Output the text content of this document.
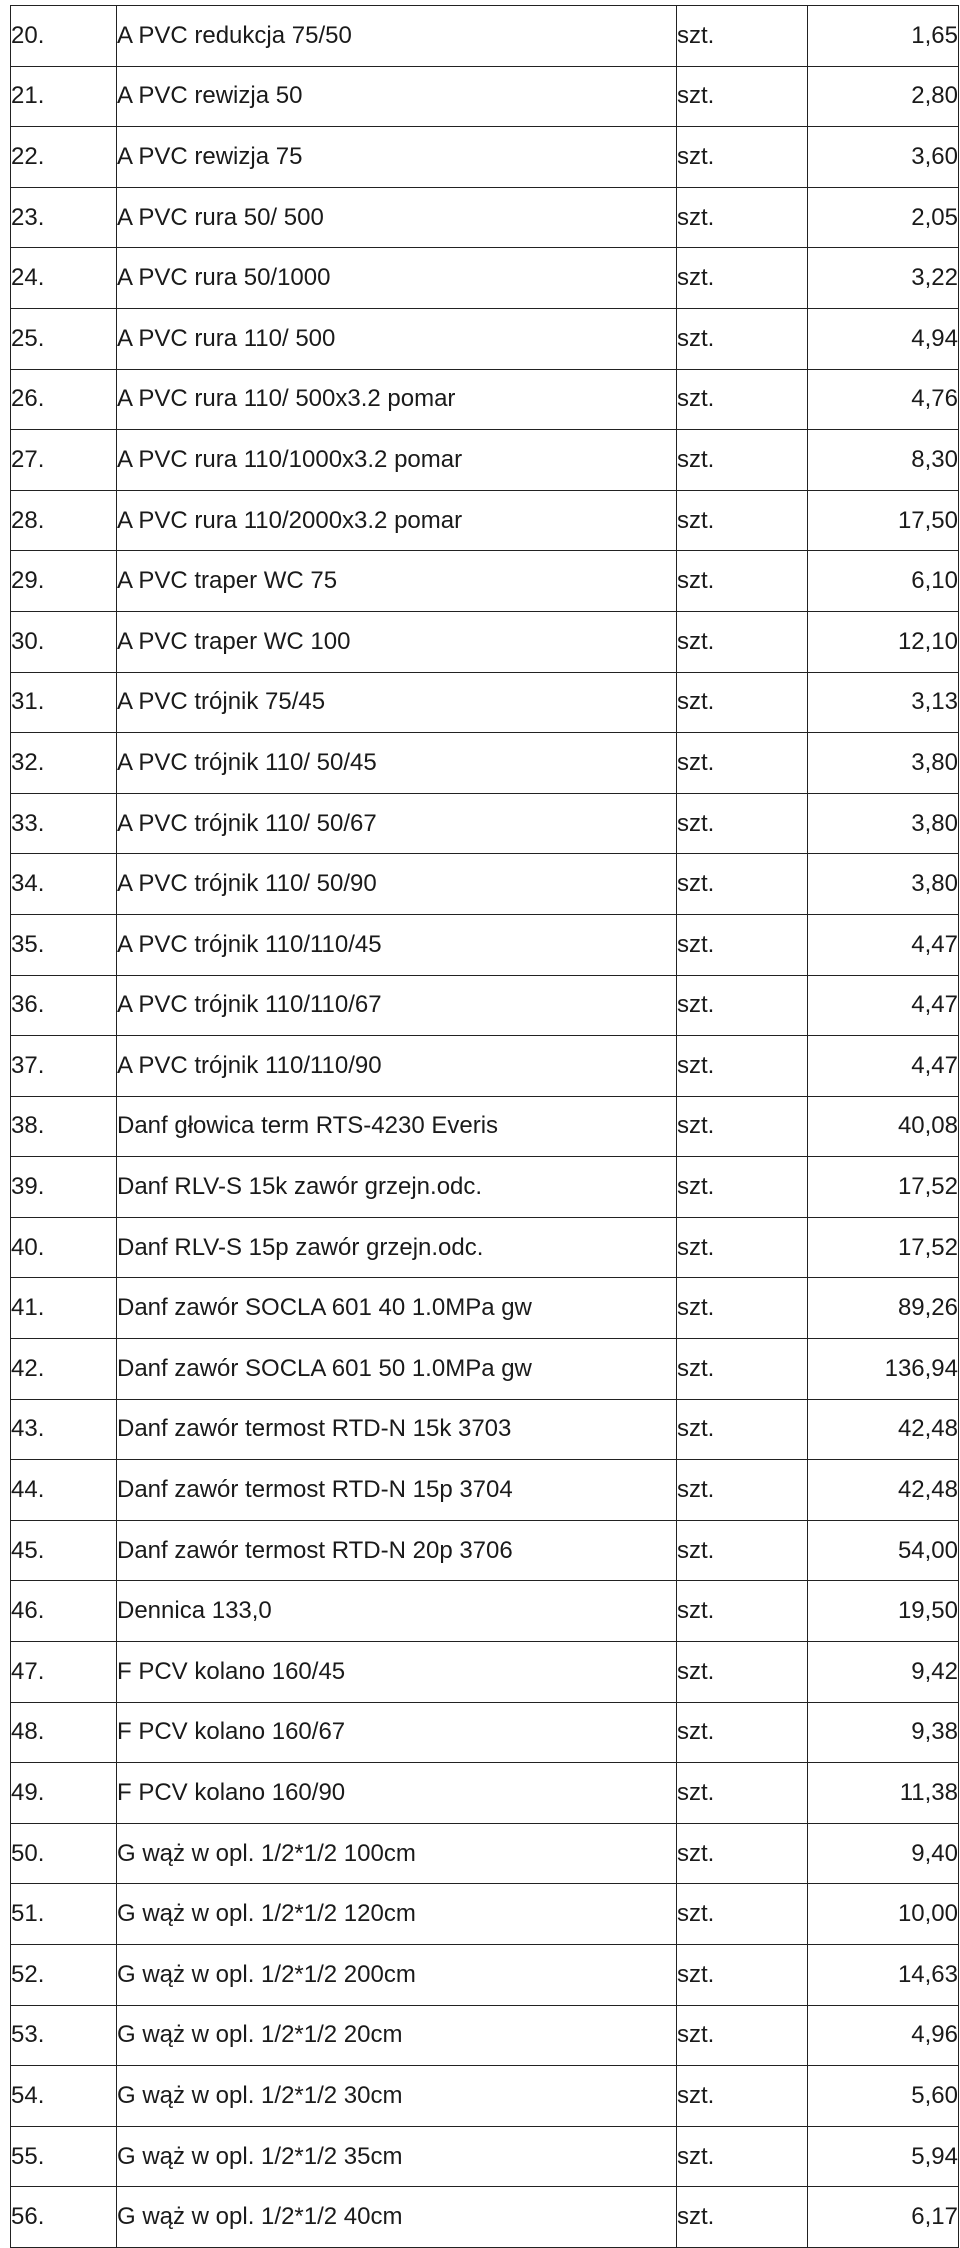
20.	A PVC redukcja 75/50	szt.	1,65
21.	A PVC rewizja 50	szt.	2,80
22.	A PVC rewizja 75	szt.	3,60
23.	A PVC rura 50/ 500	szt.	2,05
24.	A PVC rura 50/1000	szt.	3,22
25.	A PVC rura 110/ 500	szt.	4,94
26.	A PVC rura 110/ 500x3.2 pomar	szt.	4,76
27.	A PVC rura 110/1000x3.2 pomar	szt.	8,30
28.	A PVC rura 110/2000x3.2 pomar	szt.	17,50
29.	A PVC traper WC 75	szt.	6,10
30.	A PVC traper WC 100	szt.	12,10
31.	A PVC trójnik 75/45	szt.	3,13
32.	A PVC trójnik 110/ 50/45	szt.	3,80
33.	A PVC trójnik 110/ 50/67	szt.	3,80
34.	A PVC trójnik 110/ 50/90	szt.	3,80
35.	A PVC trójnik 110/110/45	szt.	4,47
36.	A PVC trójnik 110/110/67	szt.	4,47
37.	A PVC trójnik 110/110/90	szt.	4,47
38.	Danf głowica term RTS-4230 Everis	szt.	40,08
39.	Danf RLV-S 15k zawór grzejn.odc.	szt.	17,52
40.	Danf RLV-S 15p zawór grzejn.odc.	szt.	17,52
41.	Danf zawór SOCLA 601 40 1.0MPa gw	szt.	89,26
42.	Danf zawór SOCLA 601 50 1.0MPa gw	szt.	136,94
43.	Danf zawór termost RTD-N 15k 3703	szt.	42,48
44.	Danf zawór termost RTD-N 15p 3704	szt.	42,48
45.	Danf zawór termost RTD-N 20p 3706	szt.	54,00
46.	Dennica 133,0	szt.	19,50
47.	F PCV kolano 160/45	szt.	9,42
48.	F PCV kolano 160/67	szt.	9,38
49.	F PCV kolano 160/90	szt.	11,38
50.	G wąż w opl. 1/2*1/2 100cm	szt.	9,40
51.	G wąż w opl. 1/2*1/2 120cm	szt.	10,00
52.	G wąż w opl. 1/2*1/2 200cm	szt.	14,63
53.	G wąż w opl. 1/2*1/2 20cm	szt.	4,96
54.	G wąż w opl. 1/2*1/2 30cm	szt.	5,60
55.	G wąż w opl. 1/2*1/2 35cm	szt.	5,94
56.	G wąż w opl. 1/2*1/2 40cm	szt.	6,17
